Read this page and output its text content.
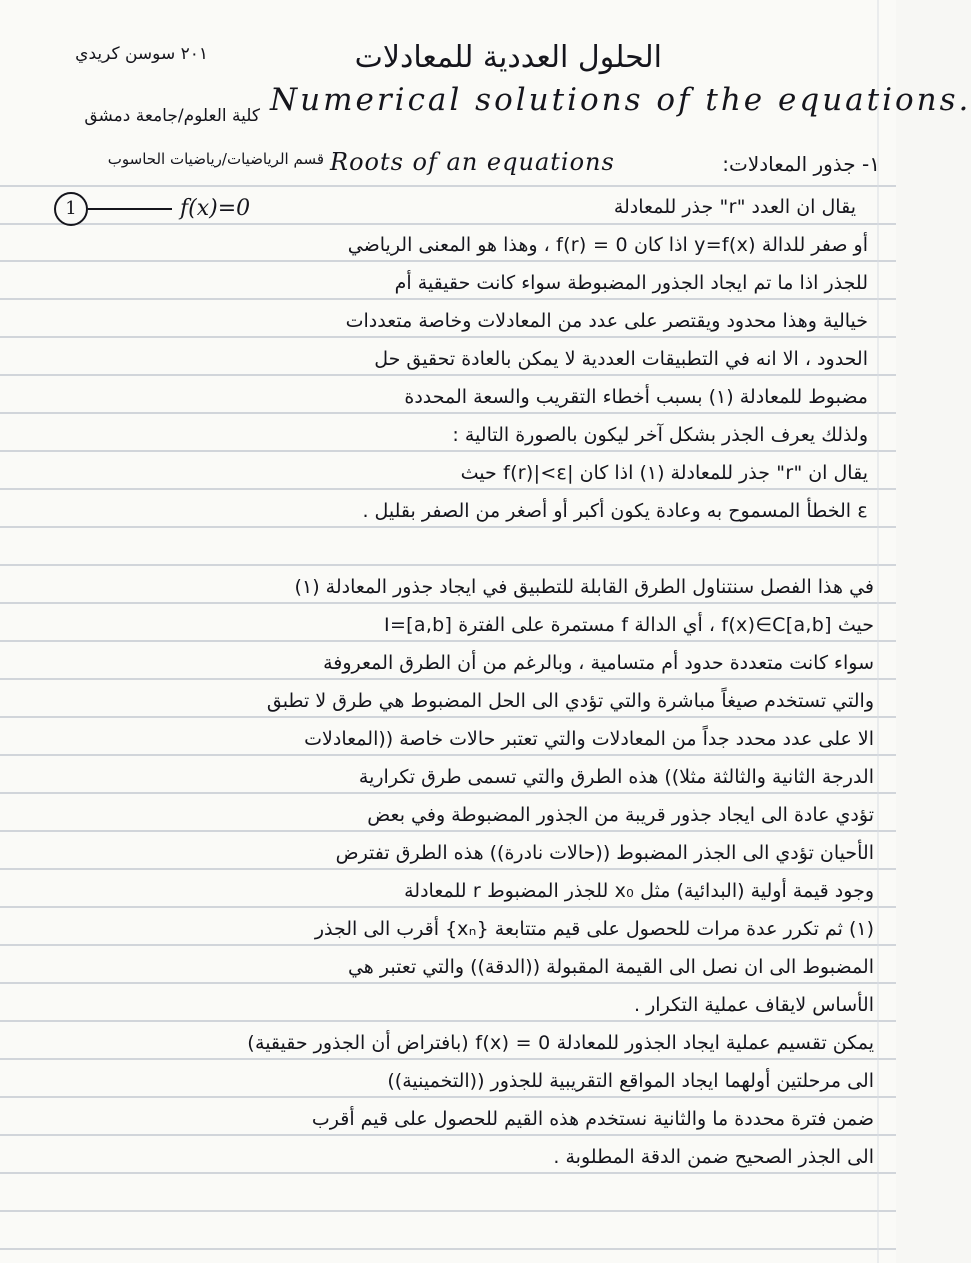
٢٠١ سوسن كريدي
كلية العلوم/جامعة دمشق
قسم الرياضيات/رياضيات الحاسوب
الحلول العددية للمعادلات
Numerical solutions of the equations.
١- جذور المعادلات:
Roots of an equations
1	f(x)=0	يقال ان العدد "r" جذر للمعادلة
أو صفر للدالة y=f(x) اذا كان f(r) = 0 ، وهذا هو المعنى الرياضي
للجذر اذا ما تم ايجاد الجذور المضبوطة سواء كانت حقيقية أم
خيالية وهذا محدود ويقتصر على عدد من المعادلات وخاصة متعددات
الحدود ، الا انه في التطبيقات العددية لا يمكن بالعادة تحقيق حل
مضبوط للمعادلة (١) بسبب أخطاء التقريب والسعة المحددة
ولذلك يعرف الجذر بشكل آخر ليكون بالصورة التالية :
يقال ان "r" جذر للمعادلة (١) اذا كان |f(r)|<ε حيث
ε الخطأ المسموح به وعادة يكون أكبر أو أصغر من الصفر بقليل .
في هذا الفصل سنتناول الطرق القابلة للتطبيق في ايجاد جذور المعادلة (١)
حيث f(x)∈C[a,b] ، أي الدالة f مستمرة على الفترة I=[a,b]
سواء كانت متعددة حدود أم متسامية ، وبالرغم من أن الطرق المعروفة
والتي تستخدم صيغاً مباشرة والتي تؤدي الى الحل المضبوط هي طرق لا تطبق
الا على عدد محدد جداً من المعادلات والتي تعتبر حالات خاصة ((المعادلات
الدرجة الثانية والثالثة مثلا)) هذه الطرق والتي تسمى طرق تكرارية
تؤدي عادة الى ايجاد جذور قريبة من الجذور المضبوطة وفي بعض
الأحيان تؤدي الى الجذر المضبوط ((حالات نادرة)) هذه الطرق تفترض
وجود قيمة أولية (البدائية) مثل x₀ للجذر المضبوط r للمعادلة
(١) ثم تكرر عدة مرات للحصول على قيم متتابعة {xₙ} أقرب الى الجذر
المضبوط الى ان نصل الى القيمة المقبولة ((الدقة)) والتي تعتبر هي
الأساس لايقاف عملية التكرار .
يمكن تقسيم عملية ايجاد الجذور للمعادلة f(x) = 0 (بافتراض أن الجذور حقيقية)
الى مرحلتين أولهما ايجاد المواقع التقريبية للجذور ((التخمينية))
ضمن فترة محددة ما والثانية نستخدم هذه القيم للحصول على قيم أقرب
الى الجذر الصحيح ضمن الدقة المطلوبة .
